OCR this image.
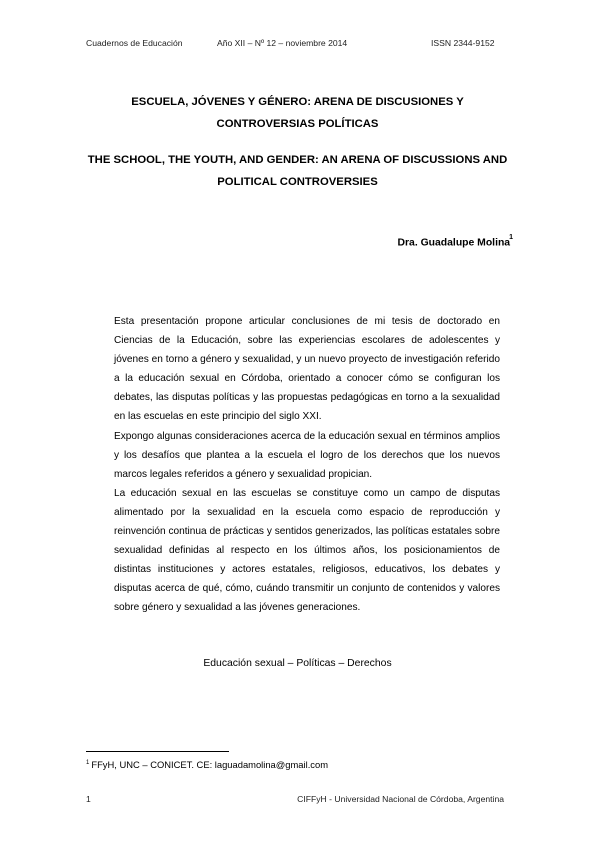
Cuadernos de Educación	Año XII – Nº 12 – noviembre 2014	ISSN 2344-9152
ESCUELA, JÓVENES Y GÉNERO: ARENA DE DISCUSIONES Y
CONTROVERSIAS POLÍTICAS
THE SCHOOL, THE YOUTH, AND GENDER: AN ARENA OF DISCUSSIONS AND
POLITICAL CONTROVERSIES
Dra. Guadalupe Molina$^1$

Esta presentación propone articular conclusiones de mi tesis de doctorado en Ciencias de la Educación, sobre las experiencias escolares de adolescentes y jóvenes en torno a género y sexualidad, y un nuevo proyecto de investigación referido a la educación sexual en Córdoba, orientado a conocer cómo se configuran los debates, las disputas políticas y las propuestas pedagógicas en torno a la sexualidad en las escuelas en este principio del siglo XXI.

Expongo algunas consideraciones acerca de la educación sexual en términos amplios y los desafíos que plantea a la escuela el logro de los derechos que los nuevos marcos legales referidos a género y sexualidad propician.

La educación sexual en las escuelas se constituye como un campo de disputas alimentado por la sexualidad en la escuela como espacio de reproducción y reinvención continua de prácticas y sentidos generizados, las políticas estatales sobre sexualidad definidas al respecto en los últimos años, los posicionamientos de distintas instituciones y actores estatales, religiosos, educativos, los debates y disputas acerca de qué, cómo, cuándo transmitir un conjunto de contenidos y valores sobre género y sexualidad a las jóvenes generaciones.

Educación sexual – Políticas – Derechos
$^1$ FFyH, UNC – CONICET. CE: laguadamolina@gmail.com
1	CIFFyH - Universidad Nacional de Córdoba, Argentina
